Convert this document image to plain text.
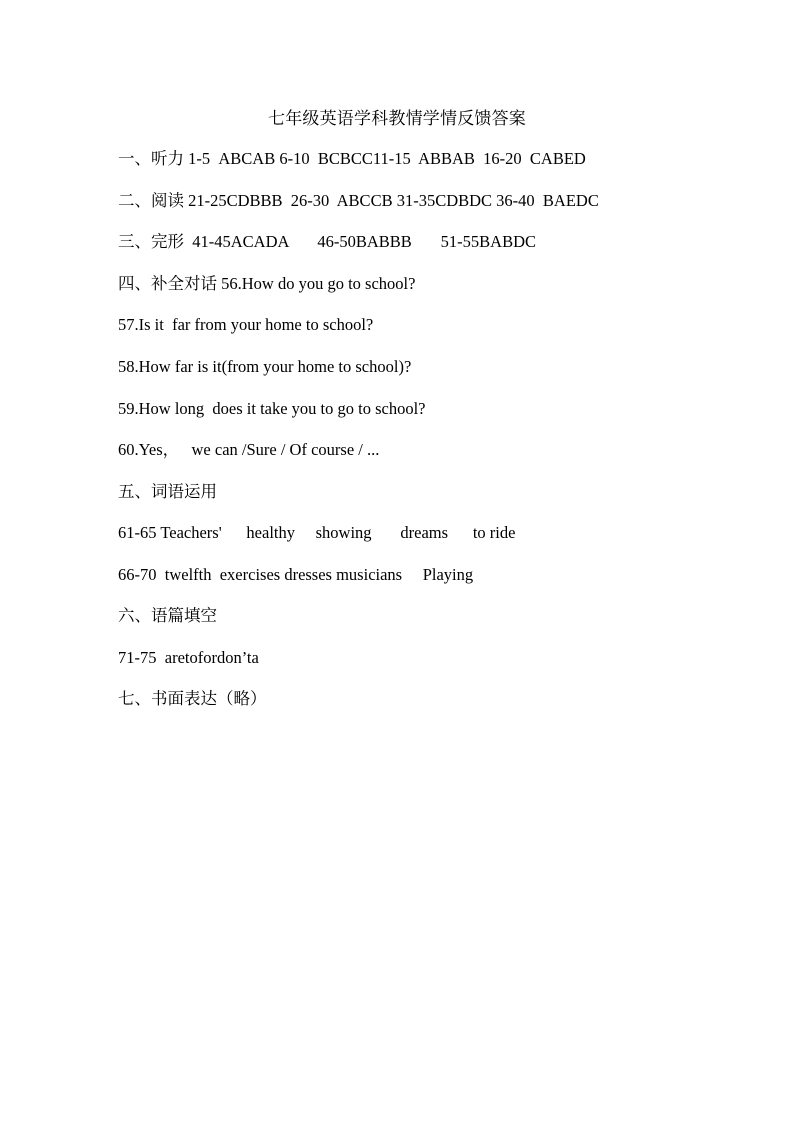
七年级英语学科教情学情反馈答案
一、听力 1-5  ABCAB 6-10  BCBCC11-15  ABBAB  16-20  CABED
二、阅读 21-25CDBBB  26-30  ABCCB 31-35CDBDC 36-40  BAEDC
三、完形  41-45ACADA       46-50BABBB       51-55BABDC
四、补全对话 56.How do you go to school?
57.Is it  far from your home to school?
58.How far is it(from your home to school)?
59.How long  does it take you to go to school?
60.Yes，   we can /Sure / Of course / ...
五、词语运用
61-65 Teachers'      healthy     showing       dreams      to ride
66-70  twelfth  exercises dresses musicians     Playing
六、语篇填空
71-75  aretofordon’ta
七、书面表达（略）
